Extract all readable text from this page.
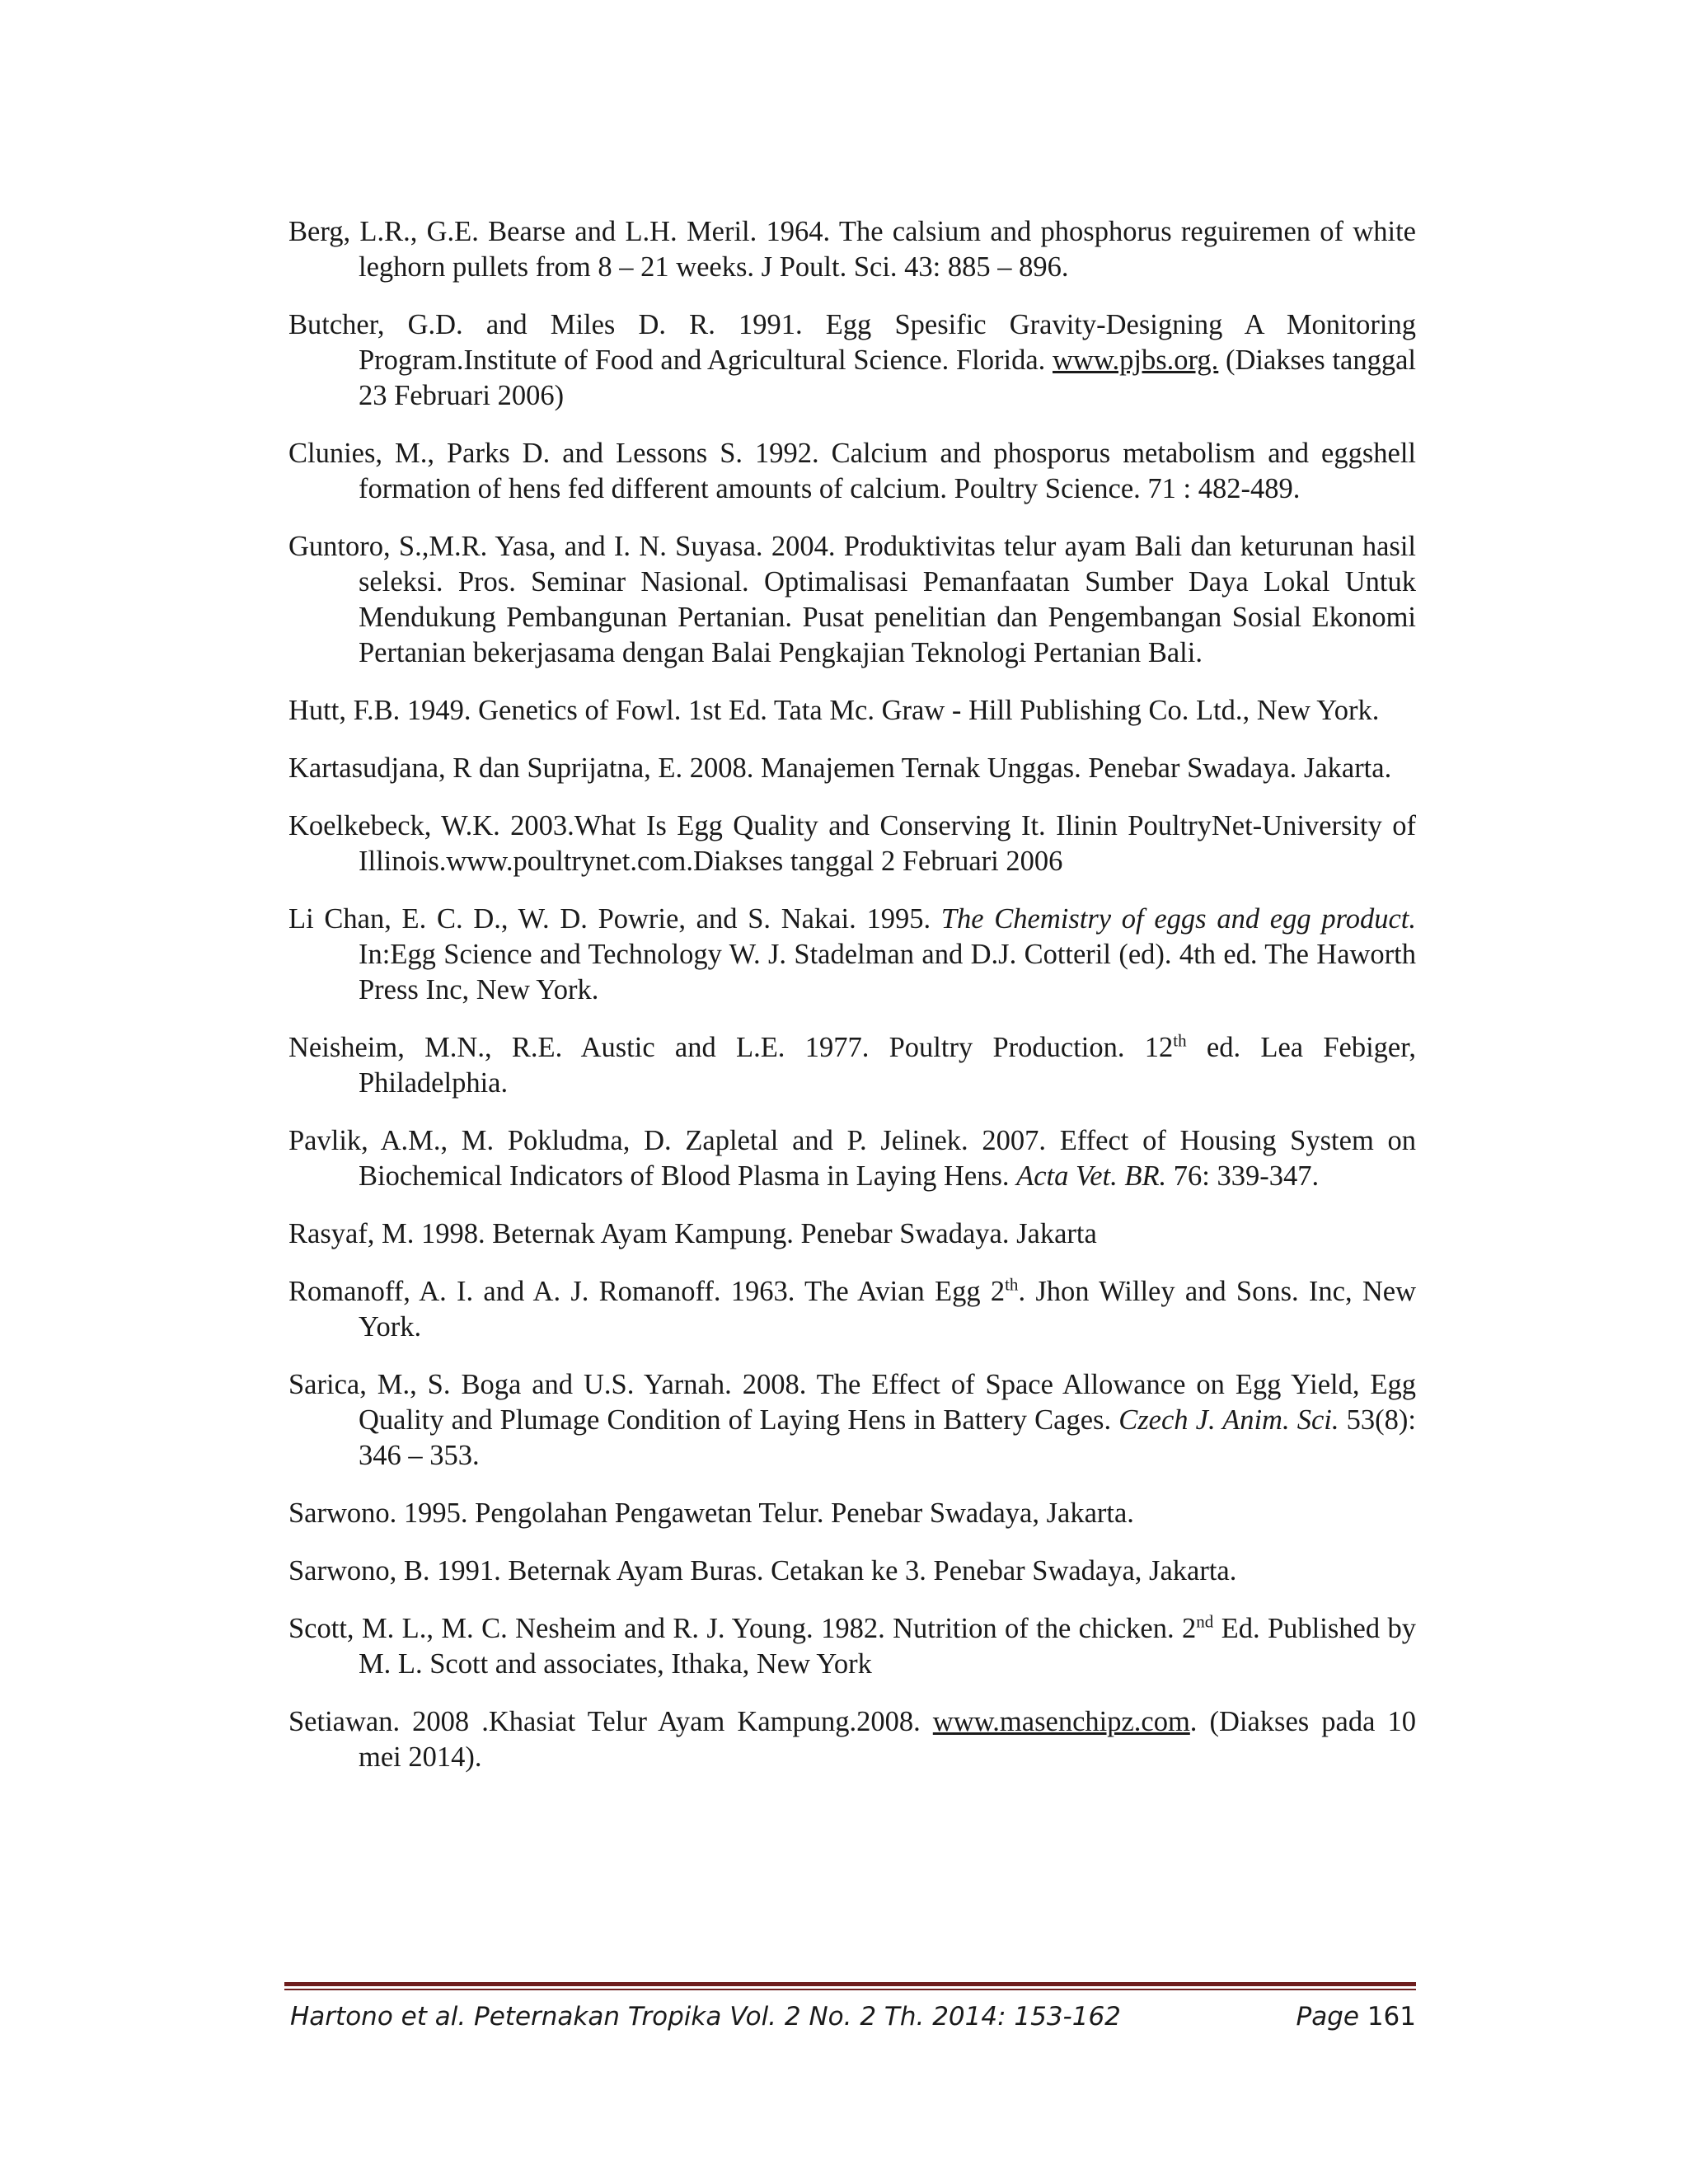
Berg, L.R., G.E. Bearse and L.H. Meril. 1964. The calsium and phosphorus reguiremen of white leghorn pullets from 8 – 21 weeks. J Poult. Sci. 43: 885 – 896.

Butcher, G.D. and Miles D. R. 1991. Egg Spesific Gravity-Designing A Monitoring Program.Institute of Food and Agricultural Science. Florida. www.pjbs.org. (Diakses tanggal 23 Februari 2006)

Clunies, M., Parks D. and Lessons S. 1992. Calcium and phosporus metabolism and eggshell formation of hens fed different amounts of calcium. Poultry Science. 71 : 482-489.

Guntoro, S.,M.R. Yasa, and I. N. Suyasa. 2004. Produktivitas telur ayam Bali dan keturunan hasil seleksi. Pros. Seminar Nasional. Optimalisasi Pemanfaatan Sumber Daya Lokal Untuk Mendukung Pembangunan Pertanian. Pusat penelitian dan Pengembangan Sosial Ekonomi Pertanian bekerjasama dengan Balai Pengkajian Teknologi Pertanian Bali.

Hutt, F.B. 1949. Genetics of Fowl. 1st Ed. Tata Mc. Graw - Hill Publishing Co. Ltd., New York.

Kartasudjana, R dan Suprijatna, E. 2008. Manajemen Ternak Unggas. Penebar Swadaya. Jakarta.

Koelkebeck, W.K. 2003.What Is Egg Quality and Conserving It. Ilinin PoultryNet-University of Illinois.www.poultrynet.com.Diakses tanggal 2 Februari 2006

Li Chan, E. C. D., W. D. Powrie, and S. Nakai. 1995. The Chemistry of eggs and egg product. In:Egg Science and Technology W. J. Stadelman and D.J. Cotteril (ed). 4th ed. The Haworth Press Inc, New York.

Neisheim, M.N., R.E. Austic and L.E. 1977. Poultry Production. 12th ed. Lea Febiger, Philadelphia.

Pavlik, A.M., M. Pokludma, D. Zapletal and P. Jelinek. 2007. Effect of Housing System on Biochemical Indicators of Blood Plasma in Laying Hens. Acta Vet. BR. 76: 339-347.

Rasyaf, M. 1998. Beternak Ayam Kampung. Penebar Swadaya. Jakarta

Romanoff, A. I. and A. J. Romanoff. 1963. The Avian Egg 2th. Jhon Willey and Sons. Inc, New York.

Sarica, M., S. Boga and U.S. Yarnah. 2008. The Effect of Space Allowance on Egg Yield, Egg Quality and Plumage Condition of Laying Hens in Battery Cages. Czech J. Anim. Sci. 53(8): 346 – 353.

Sarwono. 1995. Pengolahan Pengawetan Telur. Penebar Swadaya, Jakarta.

Sarwono, B. 1991. Beternak Ayam Buras. Cetakan ke 3. Penebar Swadaya, Jakarta.

Scott, M. L., M. C. Nesheim and R. J. Young. 1982. Nutrition of the chicken. 2nd Ed. Published by M. L. Scott and associates, Ithaka, New York

Setiawan. 2008 .Khasiat Telur Ayam Kampung.2008. www.masenchipz.com. (Diakses pada 10 mei 2014).

Hartono et al. Peternakan Tropika Vol. 2 No. 2 Th. 2014: 153-162	Page 161
